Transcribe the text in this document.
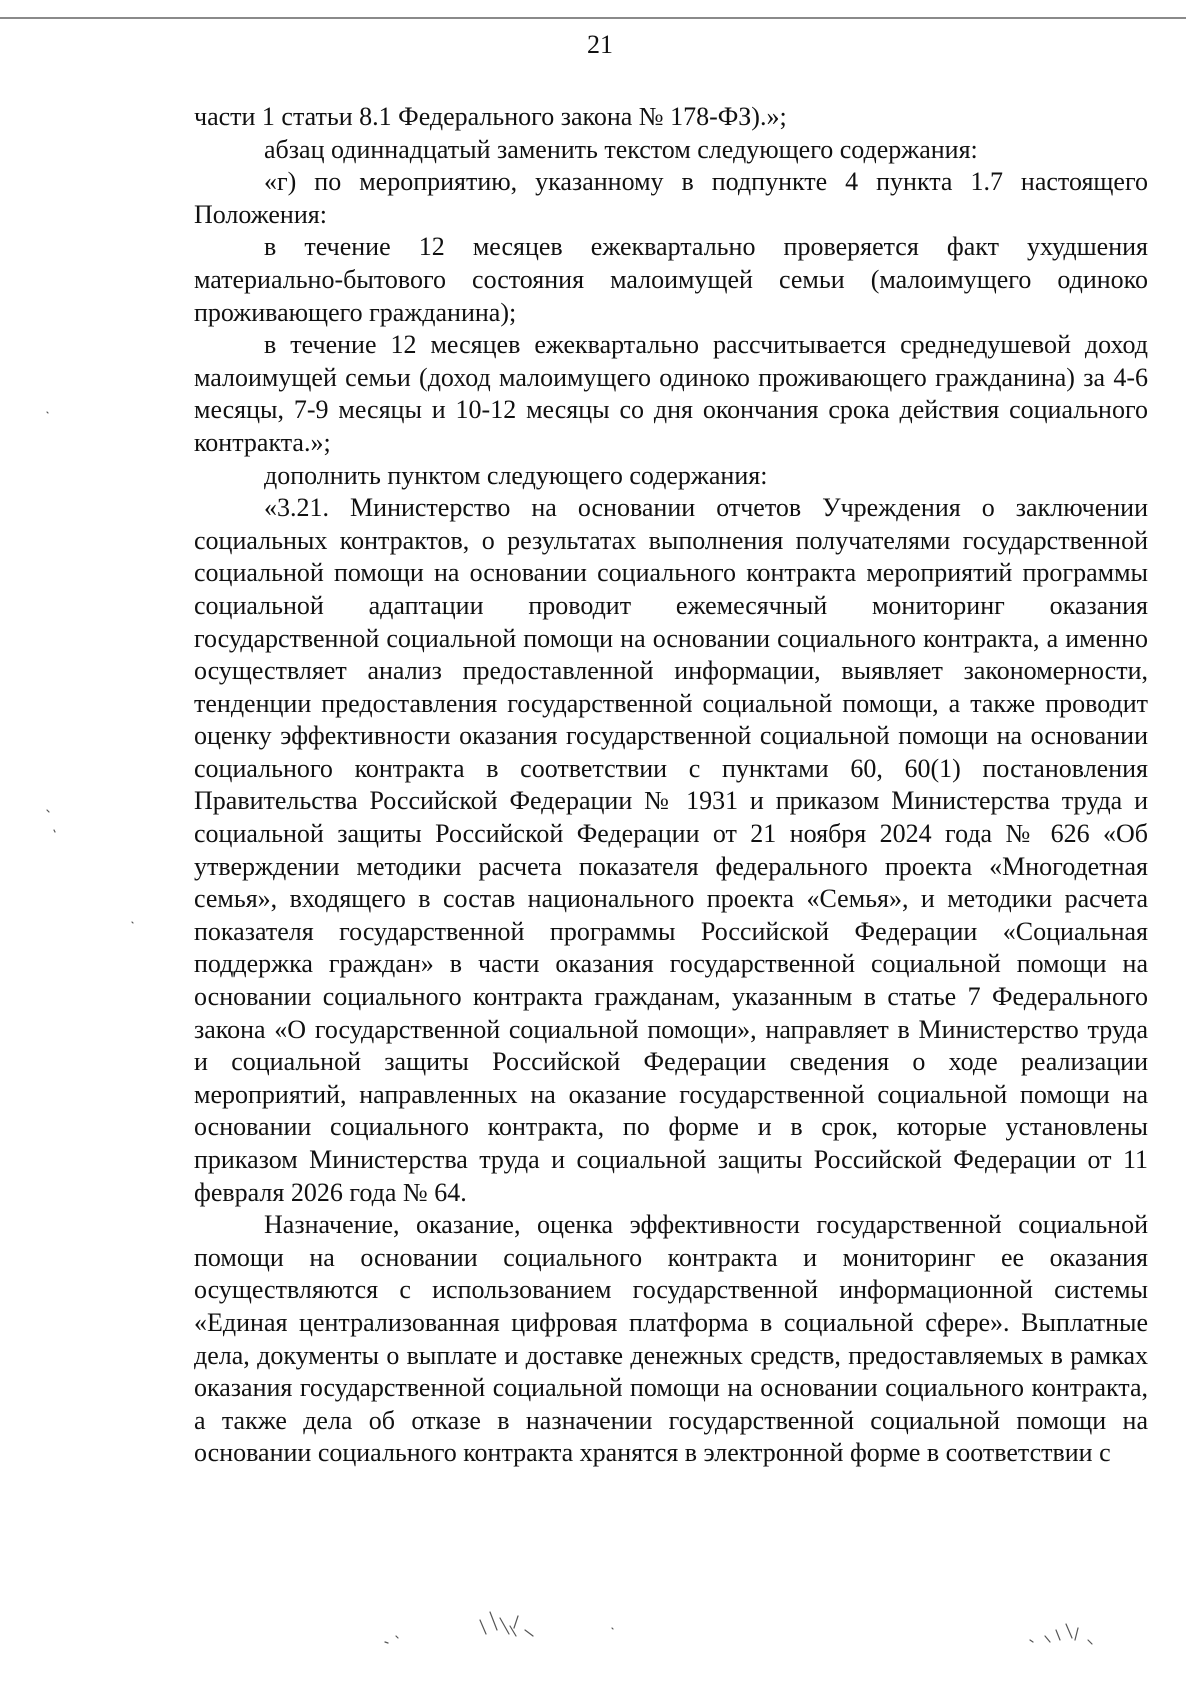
21

части 1 статьи 8.1 Федерального закона № 178-ФЗ).»;

абзац одиннадцатый заменить текстом следующего содержания:

«г) по мероприятию, указанному в подпункте 4 пункта 1.7 настоящего Положения:

в течение 12 месяцев ежеквартально проверяется факт ухудшения материально-бытового состояния малоимущей семьи (малоимущего одиноко проживающего гражданина);

в течение 12 месяцев ежеквартально рассчитывается среднедушевой доход малоимущей семьи (доход малоимущего одиноко проживающего гражданина) за 4-6 месяцы, 7-9 месяцы и 10-12 месяцы со дня окончания срока действия социального контракта.»;

дополнить пунктом следующего содержания:

«3.21. Министерство на основании отчетов Учреждения о заключении социальных контрактов, о результатах выполнения получателями государственной социальной помощи на основании социального контракта мероприятий программы социальной адаптации проводит ежемесячный мониторинг оказания государственной социальной помощи на основании социального контракта, а именно осуществляет анализ предоставленной информации, выявляет закономерности, тенденции предоставления государственной социальной помощи, а также проводит оценку эффективности оказания государственной социальной помощи на основании социального контракта в соответствии с пунктами 60, 60(1) постановления Правительства Российской Федерации № 1931 и приказом Министерства труда и социальной защиты Российской Федерации от 21 ноября 2024 года № 626 «Об утверждении методики расчета показателя федерального проекта «Многодетная семья», входящего в состав национального проекта «Семья», и методики расчета показателя государственной программы Российской Федерации «Социальная поддержка граждан» в части оказания государственной социальной помощи на основании социального контракта гражданам, указанным в статье 7 Федерального закона «О государственной социальной помощи», направляет в Министерство труда и социальной защиты Российской Федерации сведения о ходе реализации мероприятий, направленных на оказание государственной социальной помощи на основании социального контракта, по форме и в срок, которые установлены приказом Министерства труда и социальной защиты Российской Федерации от 11 февраля 2026 года № 64.

Назначение, оказание, оценка эффективности государственной социальной помощи на основании социального контракта и мониторинг ее оказания осуществляются с использованием государственной информационной системы «Единая централизованная цифровая платформа в социальной сфере». Выплатные дела, документы о выплате и доставке денежных средств, предоставляемых в рамках оказания государственной социальной помощи на основании социального контракта, а также дела об отказе в назначении государственной социальной помощи на основании социального контракта хранятся в электронной форме в соответствии с
